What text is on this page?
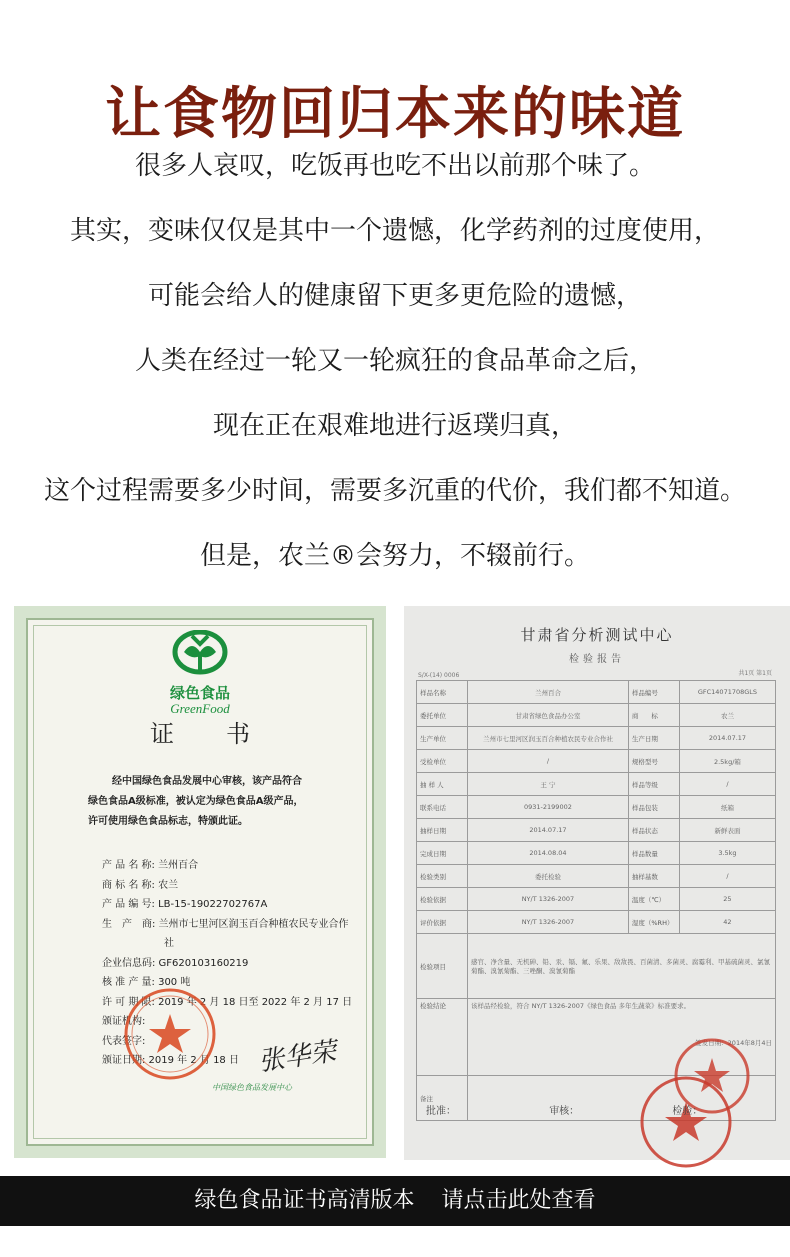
让食物回归本来的味道
很多人哀叹，吃饭再也吃不出以前那个味了。
其实，变味仅仅是其中一个遗憾，化学药剂的过度使用，
可能会给人的健康留下更多更危险的遗憾，
人类在经过一轮又一轮疯狂的食品革命之后，
现在正在艰难地进行返璞归真，
这个过程需要多少时间，需要多沉重的代价，我们都不知道。
但是，农兰®会努力，不辍前行。
绿色食品
GreenFood
证书
经中国绿色食品发展中心审核，该产品符合
绿色食品A级标准，被认定为绿色食品A级产品，
许可使用绿色食品标志，特颁此证。
产 品 名 称: 兰州百合
商 标 名 称: 农兰
产 品 编 号: LB-15-19022702767A
生　产　商: 兰州市七里河区润玉百合种植农民专业合作
社
企业信息码: GF620103160219
核 准 产 量: 300 吨
许 可 期 限: 2019 年 2 月 18 日至 2022 年 2 月 17 日
颁证机构:
代表签字:
颁证日期: 2019 年 2 月 18 日 张华荣
中国绿色食品发展中心
甘肃省分析测试中心
检验报告
S/X-(14) 0006	共1页 第1页
样品名称	兰州百合	样品编号	GFC14071708GLS
委托单位	甘肃省绿色食品办公室	商　　标	农兰
生产单位	兰州市七里河区润玉百合种植农民专业合作社	生产日期	2014.07.17
受检单位	/	规格型号	2.5kg/箱
抽 样 人	王 宁	样品等级	/
联系电话	0931-2199002	样品包装	纸箱
抽样日期	2014.07.17	样品状态	新鲜表面
完成日期	2014.08.04	样品数量	3.5kg
检验类别	委托检验	抽样基数	/
检验依据	NY/T 1326-2007	温度（℃）	25
评价依据	NY/T 1326-2007	湿度（%RH）	42
检验项目	感官、净含量、无机砷、铅、汞、镉、氟、乐果、敌敌畏、百菌清、多菌灵、腐霉利、甲基硫菌灵、氯氰菊酯、溴氰菊酯、三唑酮、溴氰菊酯		
检验结论	该样品经检验，符合 NY/T 1326-2007《绿色食品 多年生蔬菜》标准要求。
签发日期：2014年8月4日		

备注			
批准：	审核：	检验：
绿色食品证书高清版本 请点击此处查看
